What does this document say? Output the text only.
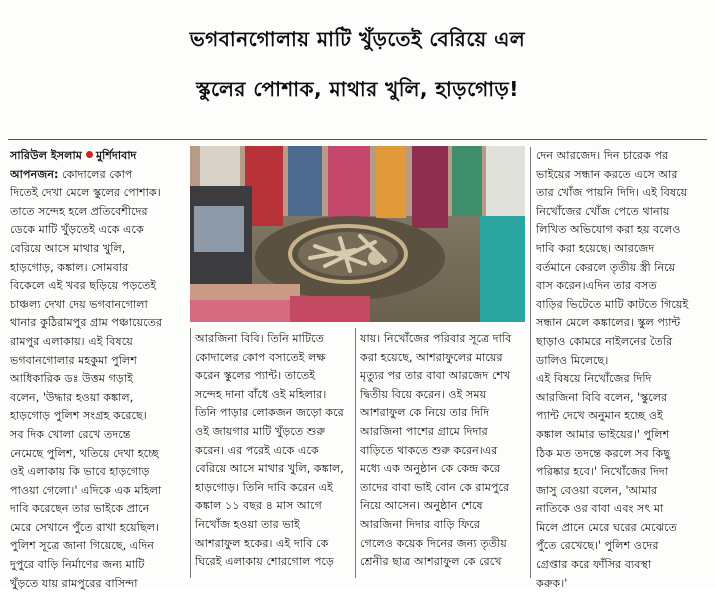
ভগবানগোলায় মাটি খুঁড়তেই বেরিয়ে এল
স্কুলের পোশাক, মাথার খুলি, হাড়গোড়!
সারিউল ইসলাম মুর্শিদাবাদ
আপনজন: কোদালের কোপ
দিতেই দেখা মেলে স্কুলের পোশাক।
তাতে সন্দেহ হলে প্রতিবেশীদের
ডেকে মাটি খুঁড়তেই একে একে
বেরিয়ে আসে মাথার খুলি,
হাড়গোড়, কঙ্কাল। সোমবার
বিকেলে এই খবর ছড়িয়ে পড়তেই
চাঞ্চল্য দেখা দেয় ভগবানগোলা
থানার কুঠিরামপুর গ্রাম পঞ্চায়েতের
রামপুর এলাকায়। এই বিষয়ে
ভগবানগোলার মহকুমা পুলিশ
আধিকারিক ডঃ উত্তম গড়াই
বলেন, 'উদ্ধার হওয়া কঙ্কাল,
হাড়গোড় পুলিশ সংগ্রহ করেছে।
সব দিক খোলা রেখে তদন্তে
নেমেছে পুলিশ, খতিয়ে দেখা হচ্ছে
ওই এলাকায় কি ভাবে হাড়গোড়
পাওয়া গেলো।' এদিকে এক মহিলা
দাবি করেছেন তার ভাইকে প্রানে
মেরে সেখানে পুঁতে রাখা হয়েছিল।
পুলিশ সূত্রে জানা গিয়েছে, এদিন
দুপুরে বাড়ি নির্মাণের জন্য মাটি
খুঁড়তে যায় রামপুরের বাসিন্দা
আরজিনা বিবি। তিনি মাটিতে
কোদালের কোপ বসাতেই লক্ষ
করেন স্কুলের প্যান্ট। তাতেই
সন্দেহ দানা বাঁধে ওই মহিলার।
তিনি পাড়ার লোকজন জড়ো করে
ওই জায়গার মাটি খুঁড়তে শুরু
করেন। এর পরেই একে একে
বেরিয়ে আসে মাথার খুলি, কঙ্কাল,
হাড়গোড়। তিনি দাবি করেন এই
কঙ্কাল ১১ বছর ৪ মাস আগে
নিখোঁজ হওয়া তার ভাই
আশরাফুল হকের। এই দাবি কে
ঘিরেই এলাকায় শোরগোল পড়ে
যায়। নিখোঁজের পরিবার সূত্রে দাবি
করা হয়েছে, আশরাফুলের মায়ের
মৃত্যুর পর তার বাবা আরজেদ শেখ
দ্বিতীয় বিয়ে করেন। ওই সময়
আশরাফুল কে নিয়ে তার দিদি
আরজিনা পাশের গ্রামে দিদার
বাড়িতে থাকতে শুরু করেন।এর
মধ্যে এক অনুষ্ঠান কে কেন্দ্র করে
তাদের বাবা ভাই বোন কে রামপুরে
নিয়ে আসেন। অনুষ্ঠান শেষে
আরজিনা দিদার বাড়ি ফিরে
গেলেও কয়েক দিনের জন্য তৃতীয়
শ্রেনীর ছাত্র আশরাফুল কে রেখে
দেন আরজেদ। দিন চারেক পর
ভাইয়ের সন্ধান করতে এসে আর
তার খোঁজ পায়নি দিদি। এই বিষয়ে
নিখোঁজের খোঁজ পেতে থানায়
লিখিত অভিযোগ করা হয় বলেও
দাবি করা হয়েছে। আরজেদ
বর্তমানে কেরলে তৃতীয় স্ত্রী নিয়ে
বাস করেন।এদিন তার বসত
বাড়ির ভিটেতে মাটি কাটতে গিয়েই
সন্ধান মেলে কঙ্কালের। স্কুল প্যান্ট
ছাড়াও কোমরে নাইলনের তৈরি
ডালিও মিলেছে।
এই বিষয়ে নিখোঁজের দিদি
আরজিনা বিবি বলেন, 'স্কুলের
প্যান্ট দেখে অনুমান হচ্ছে ওই
কঙ্কাল আমার ভাইয়ের।' পুলিশ
ঠিক মত তদন্তে করলে সব কিছু
পরিষ্কার হবে।' নিখোঁজের দিদা
জাসু বেওয়া বলেন, 'আমার
নাতিকে ওর বাবা এবং সৎ মা
মিলে প্রানে মেরে ঘরের মেঝেতে
পুঁতে রেখেছে।' পুলিশ ওদের
গ্রেপ্তার করে ফাঁসির ব্যবস্থা
করুক।'
